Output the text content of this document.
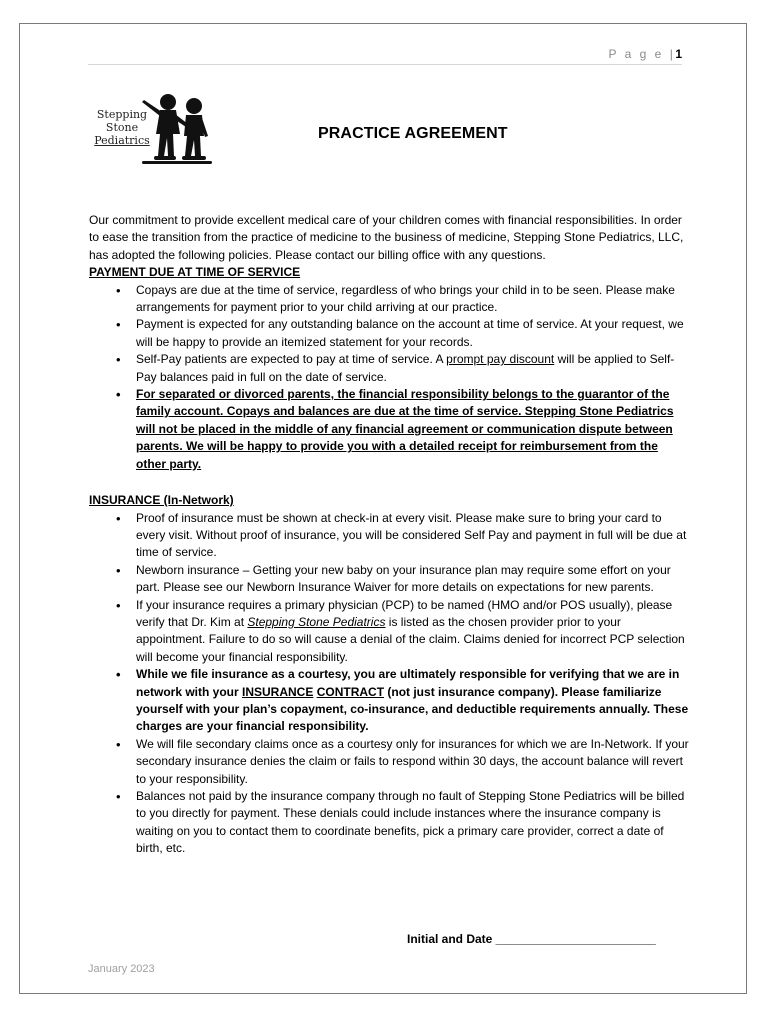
P a g e |1
Stepping
Stone
Pediatrics	PRACTICE AGREEMENT

Our commitment to provide excellent medical care of your children comes with financial responsibilities. In order to ease the transition from the practice of medicine to the business of medicine, Stepping Stone Pediatrics, LLC, has adopted the following policies. Please contact our billing office with any questions.

PAYMENT DUE AT TIME OF SERVICE

• Copays are due at the time of service, regardless of who brings your child in to be seen. Please make arrangements for payment prior to your child arriving at our practice.
• Payment is expected for any outstanding balance on the account at time of service. At your request, we will be happy to provide an itemized statement for your records.
• Self-Pay patients are expected to pay at time of service. A prompt pay discount will be applied to Self-Pay balances paid in full on the date of service.
• For separated or divorced parents, the financial responsibility belongs to the guarantor of the family account. Copays and balances are due at the time of service. Stepping Stone Pediatrics will not be placed in the middle of any financial agreement or communication dispute between parents. We will be happy to provide you with a detailed receipt for reimbursement from the other party.

INSURANCE (In-Network)

• Proof of insurance must be shown at check-in at every visit. Please make sure to bring your card to every visit. Without proof of insurance, you will be considered Self Pay and payment in full will be due at time of service.
• Newborn insurance – Getting your new baby on your insurance plan may require some effort on your part. Please see our Newborn Insurance Waiver for more details on expectations for new parents.
• If your insurance requires a primary physician (PCP) to be named (HMO and/or POS usually), please verify that Dr. Kim at Stepping Stone Pediatrics is listed as the chosen provider prior to your appointment. Failure to do so will cause a denial of the claim. Claims denied for incorrect PCP selection will become your financial responsibility.
• While we file insurance as a courtesy, you are ultimately responsible for verifying that we are in network with your INSURANCE CONTRACT (not just insurance company). Please familiarize yourself with your plan’s copayment, co-insurance, and deductible requirements annually. These charges are your financial responsibility.
• We will file secondary claims once as a courtesy only for insurances for which we are In-Network. If your secondary insurance denies the claim or fails to respond within 30 days, the account balance will revert to your responsibility.
• Balances not paid by the insurance company through no fault of Stepping Stone Pediatrics will be billed to you directly for payment. These denials could include instances where the insurance company is waiting on you to contact them to coordinate benefits, pick a primary care provider, correct a date of birth, etc.
Initial and Date ________________________
January 2023
